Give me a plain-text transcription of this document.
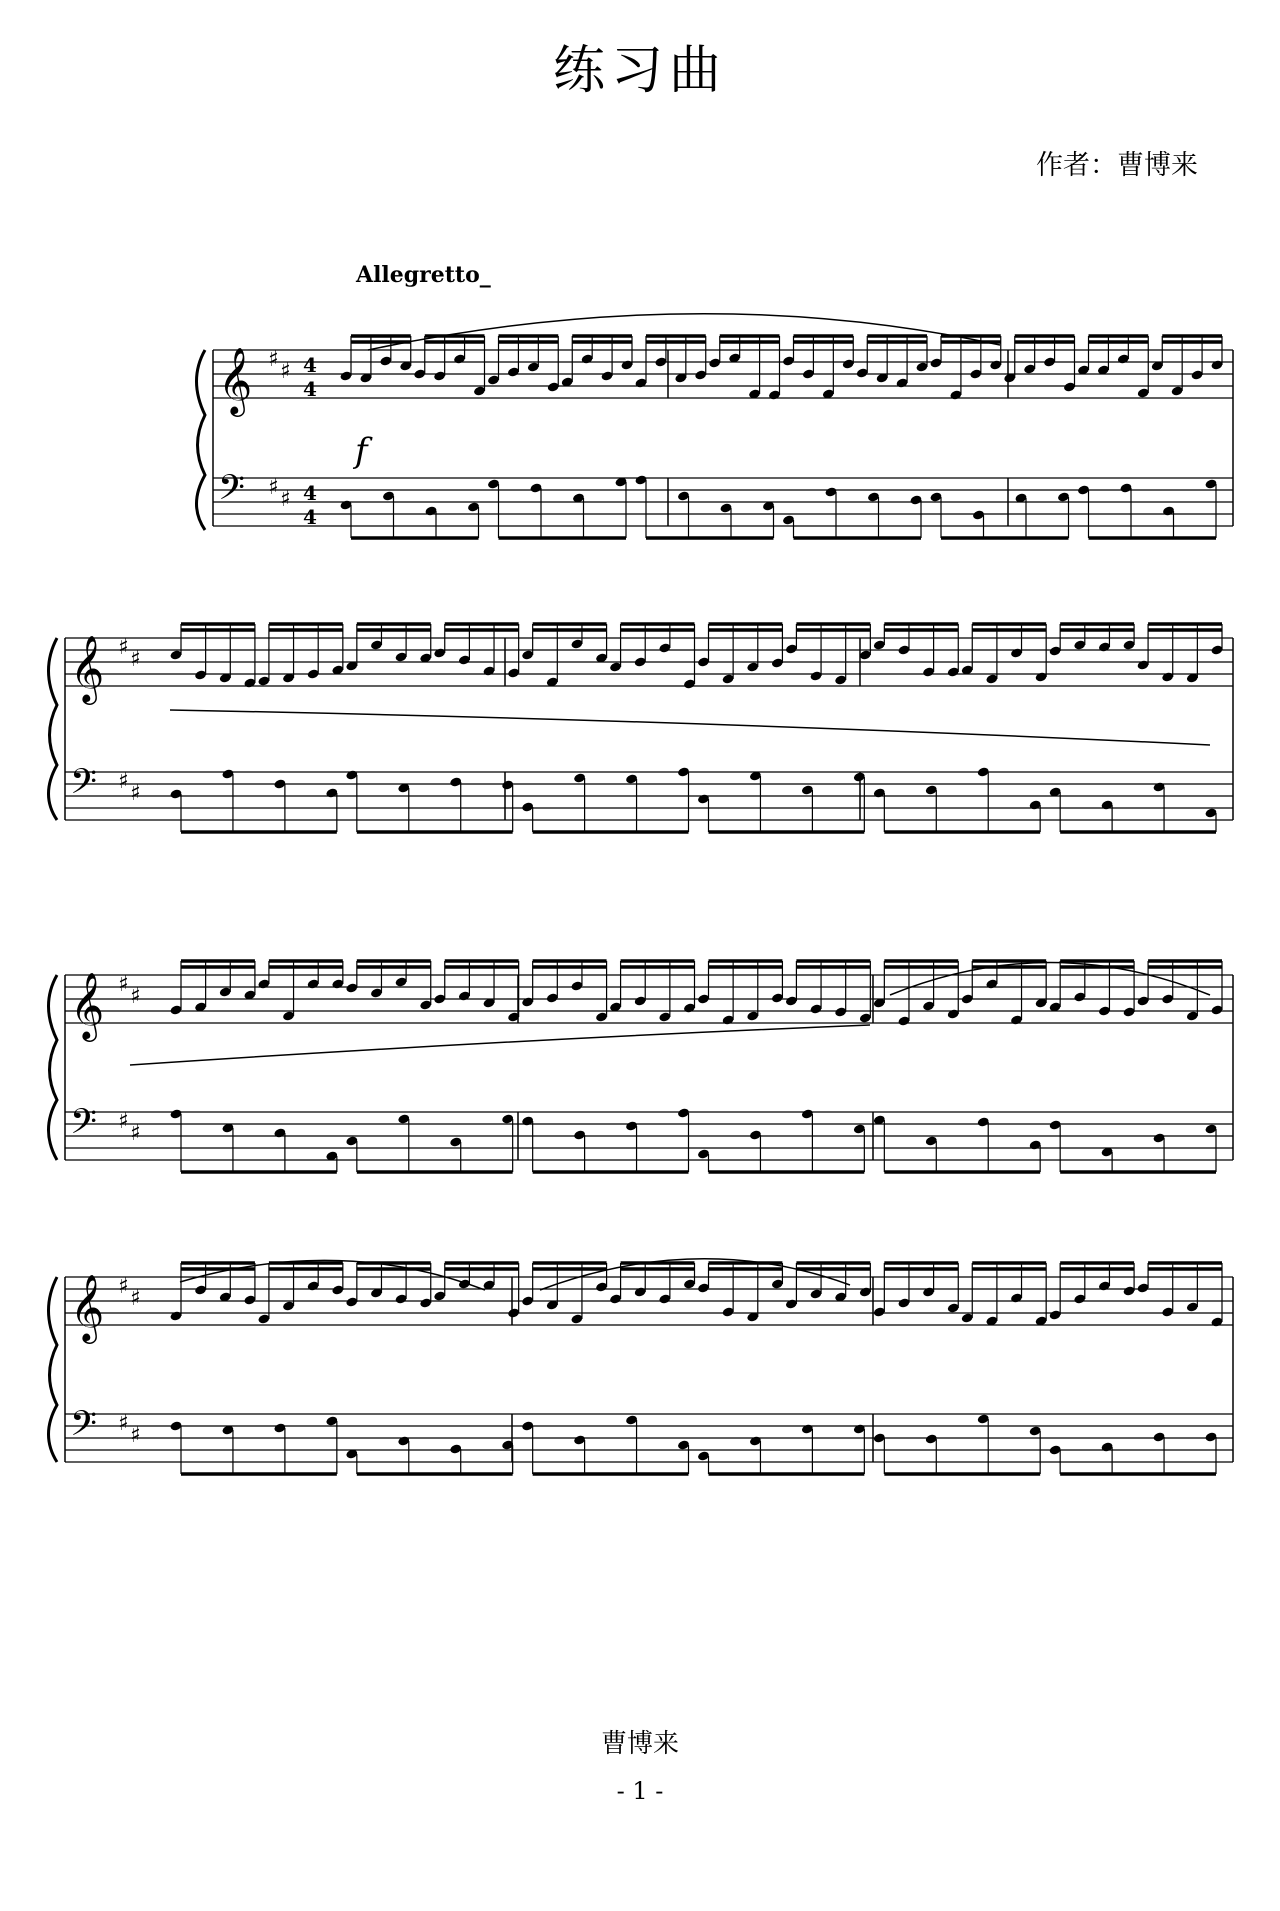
练习曲
作者：曹博来
Allegretto_
𝄞
𝄢
♯ ♯
♯ ♯
4
4
4
4
f
𝄞
𝄢
♯ ♯
♯ ♯
𝄞
𝄢
♯ ♯
♯ ♯
𝄞
𝄢
♯ ♯
♯ ♯
曹博来
- 1 -
